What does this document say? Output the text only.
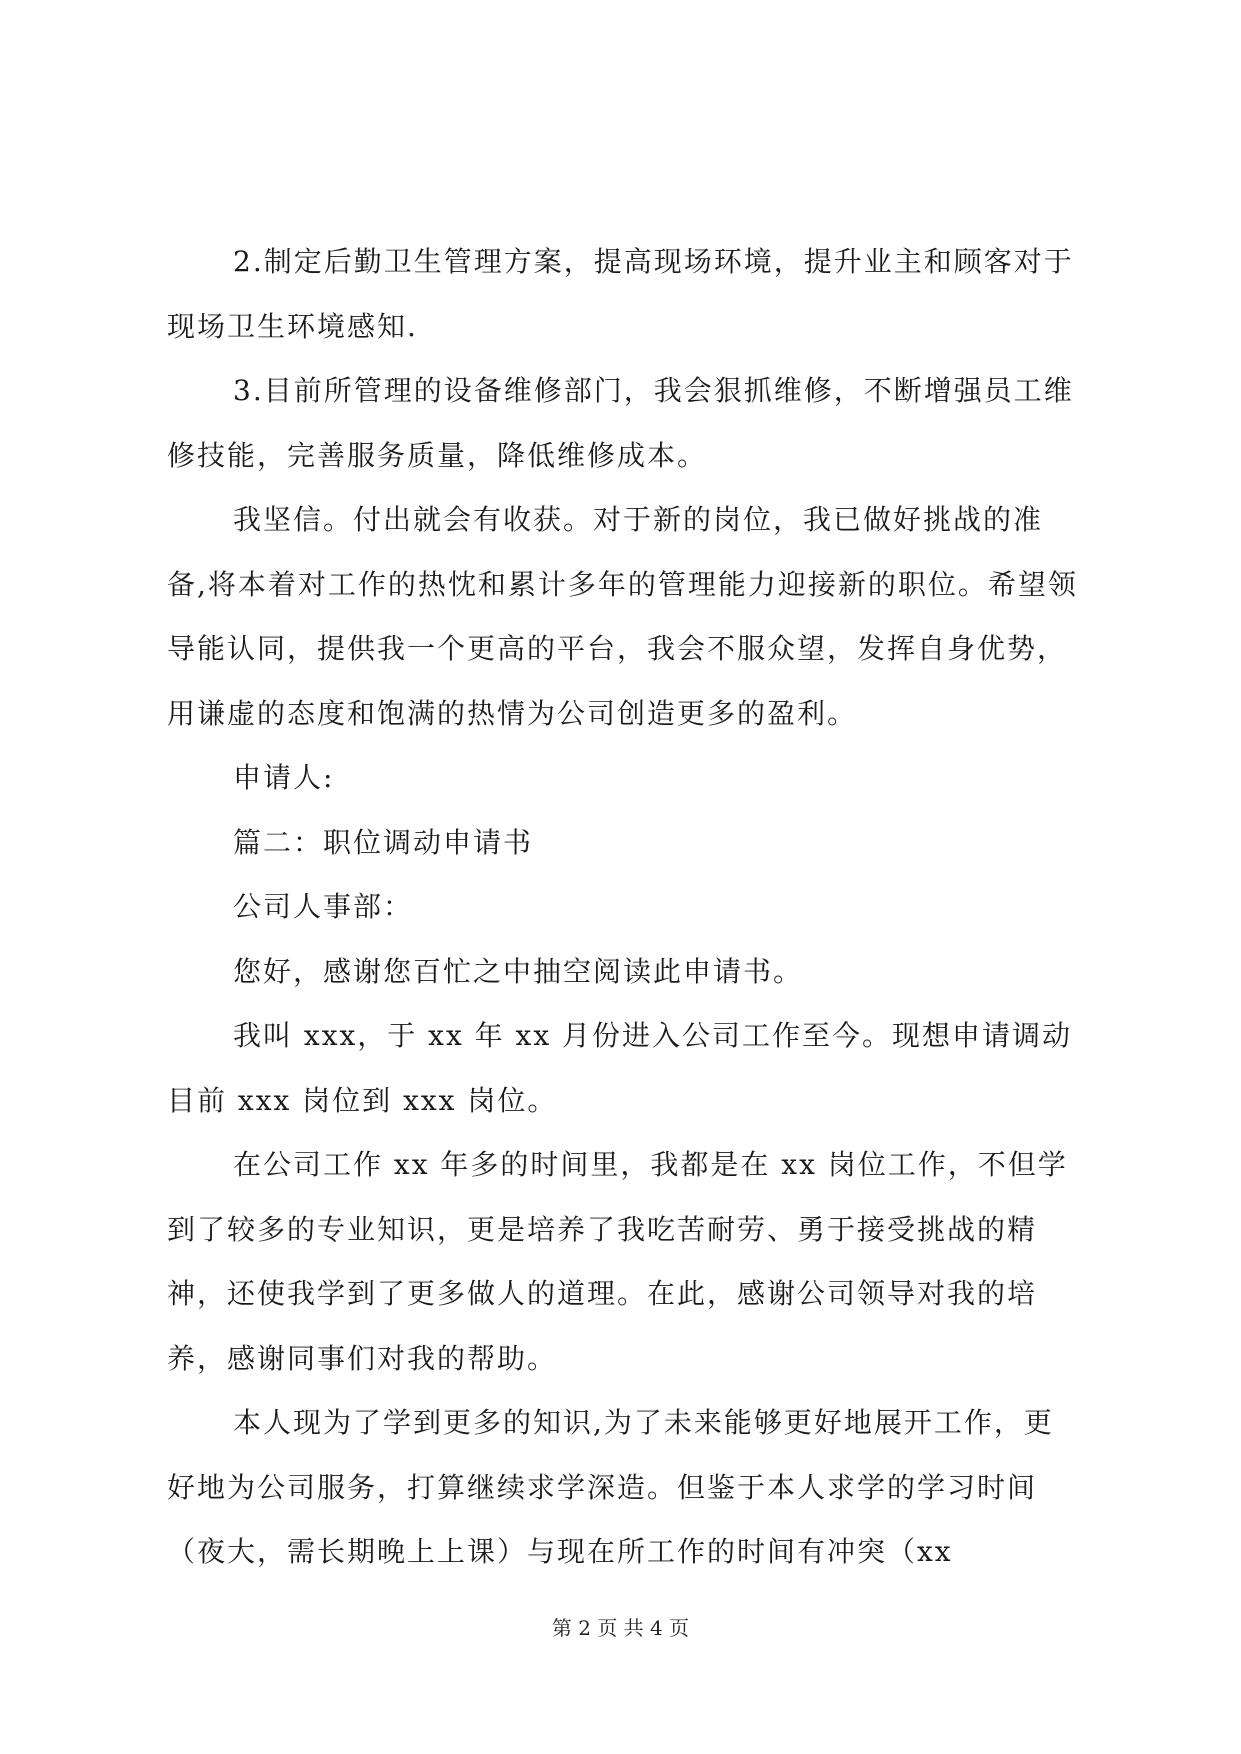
2.制定后勤卫生管理方案，提高现场环境，提升业主和顾客对于现场卫生环境感知.

3.目前所管理的设备维修部门，我会狠抓维修，不断增强员工维修技能，完善服务质量，降低维修成本。

我坚信。付出就会有收获。对于新的岗位，我已做好挑战的准备,将本着对工作的热忱和累计多年的管理能力迎接新的职位。希望领导能认同，提供我一个更高的平台，我会不服众望，发挥自身优势，用谦虚的态度和饱满的热情为公司创造更多的盈利。

申请人:

篇二：职位调动申请书

公司人事部：

您好，感谢您百忙之中抽空阅读此申请书。

我叫 xxx，于 xx 年 xx 月份进入公司工作至今。现想申请调动目前 xxx 岗位到 xxx 岗位。

在公司工作 xx 年多的时间里，我都是在 xx 岗位工作，不但学到了较多的专业知识，更是培养了我吃苦耐劳、勇于接受挑战的精神，还使我学到了更多做人的道理。在此，感谢公司领导对我的培养，感谢同事们对我的帮助。

本人现为了学到更多的知识,为了未来能够更好地展开工作，更好地为公司服务，打算继续求学深造。但鉴于本人求学的学习时间（夜大，需长期晚上上课）与现在所工作的时间有冲突（xx

第 2 页 共 4 页
